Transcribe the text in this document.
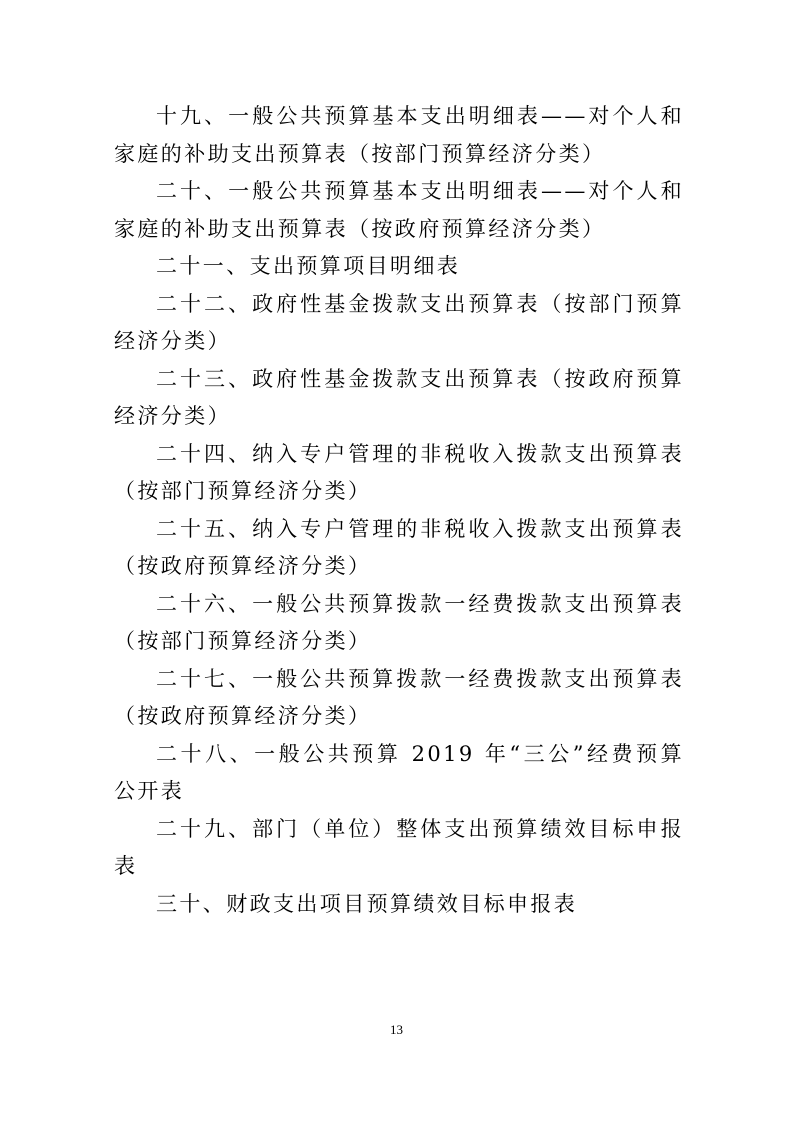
十九、一般公共预算基本支出明细表——对个人和家庭的补助支出预算表（按部门预算经济分类）

二十、一般公共预算基本支出明细表——对个人和家庭的补助支出预算表（按政府预算经济分类）

二十一、支出预算项目明细表

二十二、政府性基金拨款支出预算表（按部门预算经济分类）

二十三、政府性基金拨款支出预算表（按政府预算经济分类）

二十四、纳入专户管理的非税收入拨款支出预算表（按部门预算经济分类）

二十五、纳入专户管理的非税收入拨款支出预算表（按政府预算经济分类）

二十六、一般公共预算拨款一经费拨款支出预算表（按部门预算经济分类）

二十七、一般公共预算拨款一经费拨款支出预算表（按政府预算经济分类）

二十八、一般公共预算 2019 年“三公”经费预算公开表

二十九、部门（单位）整体支出预算绩效目标申报表

三十、财政支出项目预算绩效目标申报表

13
